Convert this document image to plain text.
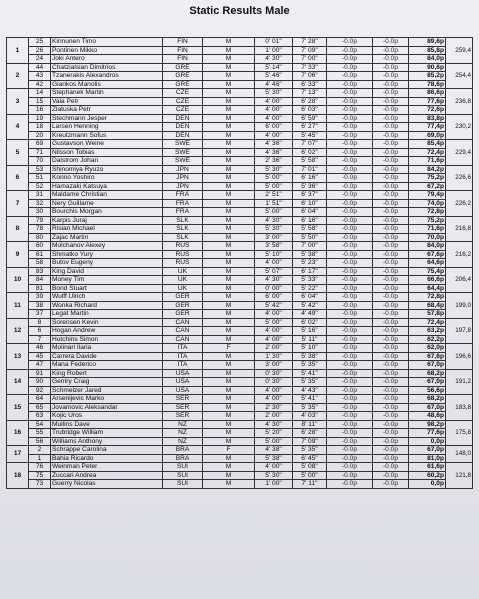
Static Results Male
1	25	Kinnunen Timo	FIN	M	0' 01"	7' 28"	-0.0p	-0.0p	89,6p	259,4
	26	Pontinen Mikko	FIN	M	1' 00"	7' 09"	-0.0p	-0.0p	85,8p	
	24	Joki Antero	FIN	M	4' 30"	7' 00"	-0.0p	-0.0p	84,0p	
2	44	Chatzialsian Dimitrios	GRE	M	5' 14"	7' 33"	-0.0p	-0.0p	90,6p	254,4
	43	Tzanerakis Alexandros	GRE	M	5' 46"	7' 06"	-0.0p	-0.0p	85,2p	
	42	Giankos Manolis	GRE	M	4' 46"	6' 33"	-0.0p	-0.0p	78,6p	
3	14	Stephanek Martin	CZE	M	5' 30"	7' 13"	-0.0p	-0.0p	86,6p	236,8
	15	Vala Petr	CZE	M	4' 00"	6' 28"	-0.0p	-0.0p	77,6p	
	16	Zlatuska Petr	CZE	M	4' 00"	6' 03"	-0.0p	-0.0p	72,6p	
4	19	Stechmann Jesper	DEN	M	4' 00"	6' 59"	-0.0p	-0.0p	83,8p	230,2
	18	Larsen Henning	DEN	M	6' 00"	6' 27"	-0.0p	-0.0p	77,4p	
	20	Kreutzmann Sofus	DEN	M	4' 00"	5' 45"	-0.0p	-0.0p	69,0p	
5	69	Gustavson Weine	SWE	M	4' 36"	7' 07"	-0.0p	-0.0p	85,4p	229,4
	71	Nilsson Tobias	SWE	M	4' 36"	6' 02"	-0.0p	-0.0p	72,4p	
	70	Dalstrom Johan	SWE	M	2' 36"	5' 58"	-0.0p	-0.0p	71,6p	
6	53	Shinomiya Ryuzo	JPN	M	5' 30"	7' 01"	-0.0p	-0.0p	84,2p	226,6
	51	Konno Yoshiro	JPN	M	5' 00"	6' 16"	-0.0p	-0.0p	75,2p	
	52	Hamazaki Katsuya	JPN	M	5' 00"	5' 36"	-0.0p	-0.0p	67,2p	
7	31	Maldame Christian	FRA	M	2' 51"	6' 37"	-0.0p	-0.0p	79,4p	226,2
	32	Nery Guillame	FRA	M	1' 51"	6' 10"	-0.0p	-0.0p	74,0p	
	30	Bourchis Morgan	FRA	M	5' 00"	6' 04"	-0.0p	-0.0p	72,8p	
8	79	Karpis Juraj	SLK	M	4' 30"	6' 16"	-0.0p	-0.0p	75,2p	216,8
	78	Risian Michael	SLK	M	5' 30"	5' 58"	-0.0p	-0.0p	71,6p	
	80	Zajac Martin	SLK	M	3' 00"	5' 50"	-0.0p	-0.0p	70,0p	
9	60	Molchanov Alexey	RUS	M	3' 58"	7' 00"	-0.0p	-0.0p	84,0p	216,2
	61	Shmatko Yury	RUS	M	5' 10"	5' 38"	-0.0p	-0.0p	67,6p	
	58	Butov Eugeny	RUS	M	4' 00"	5' 23"	-0.0p	-0.0p	64,6p	
10	83	King David	UK	M	5' 07"	6' 17"	-0.0p	-0.0p	75,4p	206,4
	84	Money Tim	UK	M	4' 30"	5' 33"	-0.0p	-0.0p	66,6p	
	81	Bond Stuart	UK	M	0' 00"	5' 22"	-0.0p	-0.0p	64,4p	
11	39	Wulff Ulrich	GER	M	6' 00"	6' 04"	-0.0p	-0.0p	72,8p	199,0
	38	Wonka Richard	GER	M	5' 42"	5' 42"	-0.0p	-0.0p	68,4p	
	37	Legat Martin	GER	M	4' 00"	4' 49"	-0.0p	-0.0p	57,8p	
12	8	Sorensen Kevin	CAN	M	5' 00"	6' 02"	-0.0p	-0.0p	72,4p	197,8
	6	Hogan Andrew	CAN	M	4' 00"	5' 16"	-0.0p	-0.0p	63,2p	
	7	Hutchins Simon	CAN	M	4' 00"	5' 11"	-0.0p	-0.0p	62,2p	
13	46	Molinari Ilaria	ITA	F	2' 00"	5' 10"	-0.0p	-0.0p	62,0p	196,6
	45	Carrera Davide	ITA	M	1' 30"	5' 38"	-0.0p	-0.0p	67,6p	
	47	Mana Federico	ITA	M	3' 00"	5' 35"	-0.0p	-0.0p	67,0p	
14	91	King Robert	USA	M	0' 30"	5' 41"	-0.0p	-0.0p	68,2p	191,2
	90	Gentry Craig	USA	M	0' 30"	5' 35"	-0.0p	-0.0p	67,0p	
	92	Schmelzer Jared	USA	M	4' 00"	4' 43"	-0.0p	-0.0p	56,6p	
15	64	Arsenijevic Marko	SER	M	4' 00"	5' 41"	-0.0p	-0.0p	68,2p	183,8
	65	Jovamovic Aleksandar	SER	M	2' 30"	5' 35"	-0.0p	-0.0p	67,0p	
	63	Kojic Uros	SER	M	2' 00"	4' 03"	-0.0p	-0.0p	48,6p	
16	54	Mullins Dave	NZ	M	4' 30"	8' 11"	-0.0p	-0.0p	98,2p	175,8
	55	Trubridge William	NZ	M	5' 20"	6' 28"	-0.0p	-0.0p	77,6p	
	56	Williams Anthony	NZ	M	5' 00"	7' 09"	-0.0p	-0.0p	0,0p	
17	2	Schrappe Carolina	BRA	F	4' 38"	5' 35"	-0.0p	-0.0p	67,0p	148,0
	1	Bahia Ricardo	BRA	M	5' 38"	6' 45"	-0.0p	-0.0p	81,0p	
18	76	Weinman Peter	SUI	M	4' 00"	5' 08"	-0.0p	-0.0p	61,6p	121,8
	75	Zuccari Andrea	SUI	M	5' 30"	5' 00"	-0.0p	-0.0p	60,2p	
	73	Guerry Nicolas	SUI	M	1' 00"	7' 11"	-0.0p	-0.0p	0,0p	
